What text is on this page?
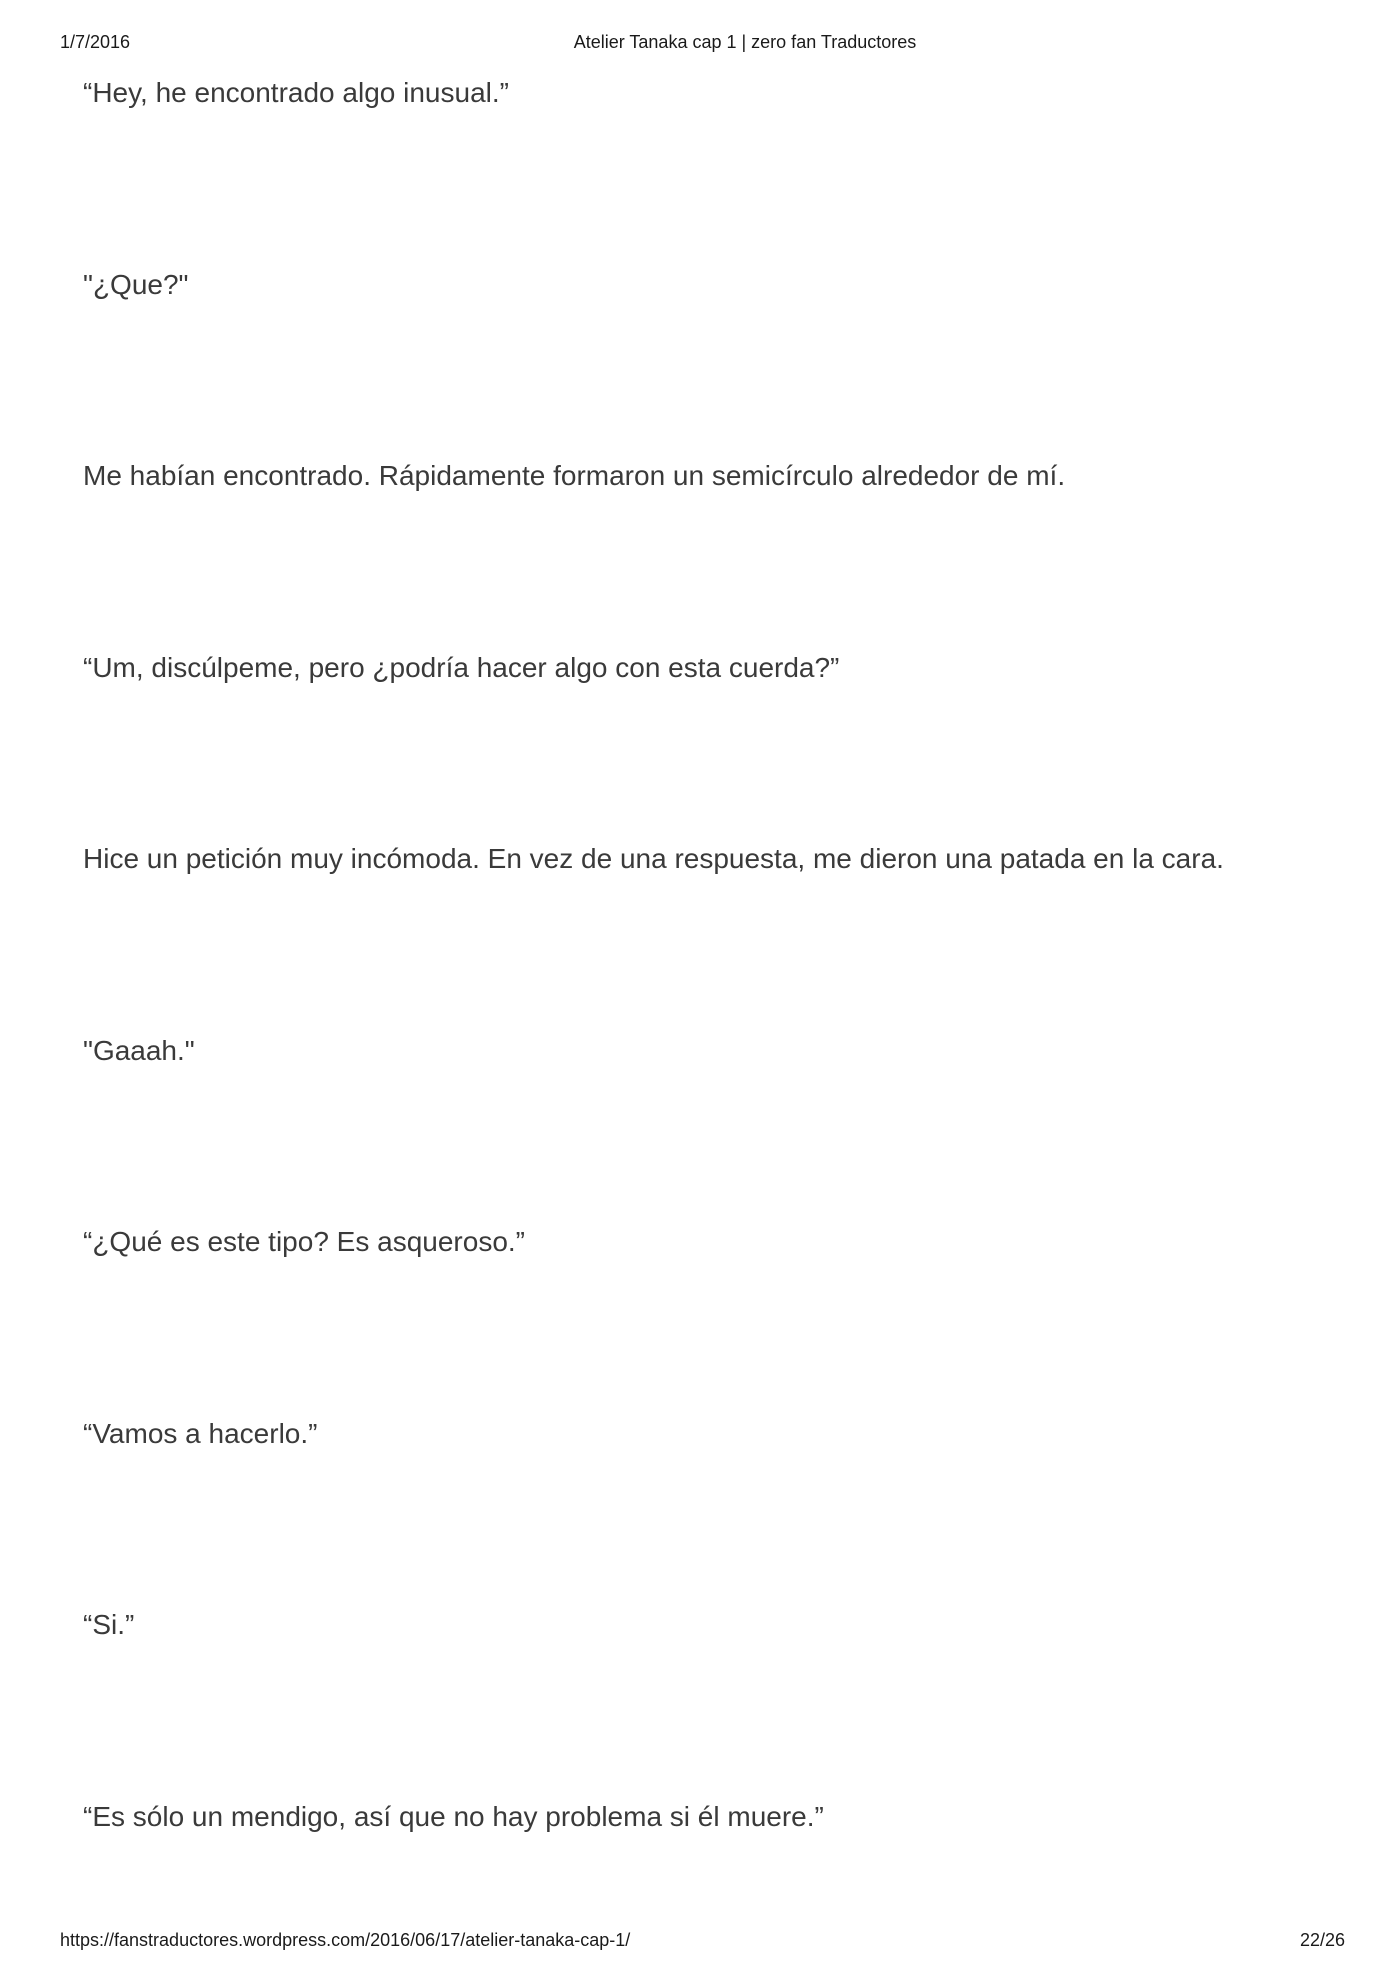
1/7/2016	Atelier Tanaka cap 1 | zero fan Traductores

“Hey, he encontrado algo inusual.”

"¿Que?"

Me habían encontrado. Rápidamente formaron un semicírculo alrededor de mí.

“Um, discúlpeme, pero ¿podría hacer algo con esta cuerda?”

Hice un petición muy incómoda. En vez de una respuesta, me dieron una patada en la cara.

"Gaaah."

“¿Qué es este tipo? Es asqueroso.”

“Vamos a hacerlo.”

“Si.”

“Es sólo un mendigo, así que no hay problema si él muere.”

https://fanstraductores.wordpress.com/2016/06/17/atelier-tanaka-cap-1/	22/26
